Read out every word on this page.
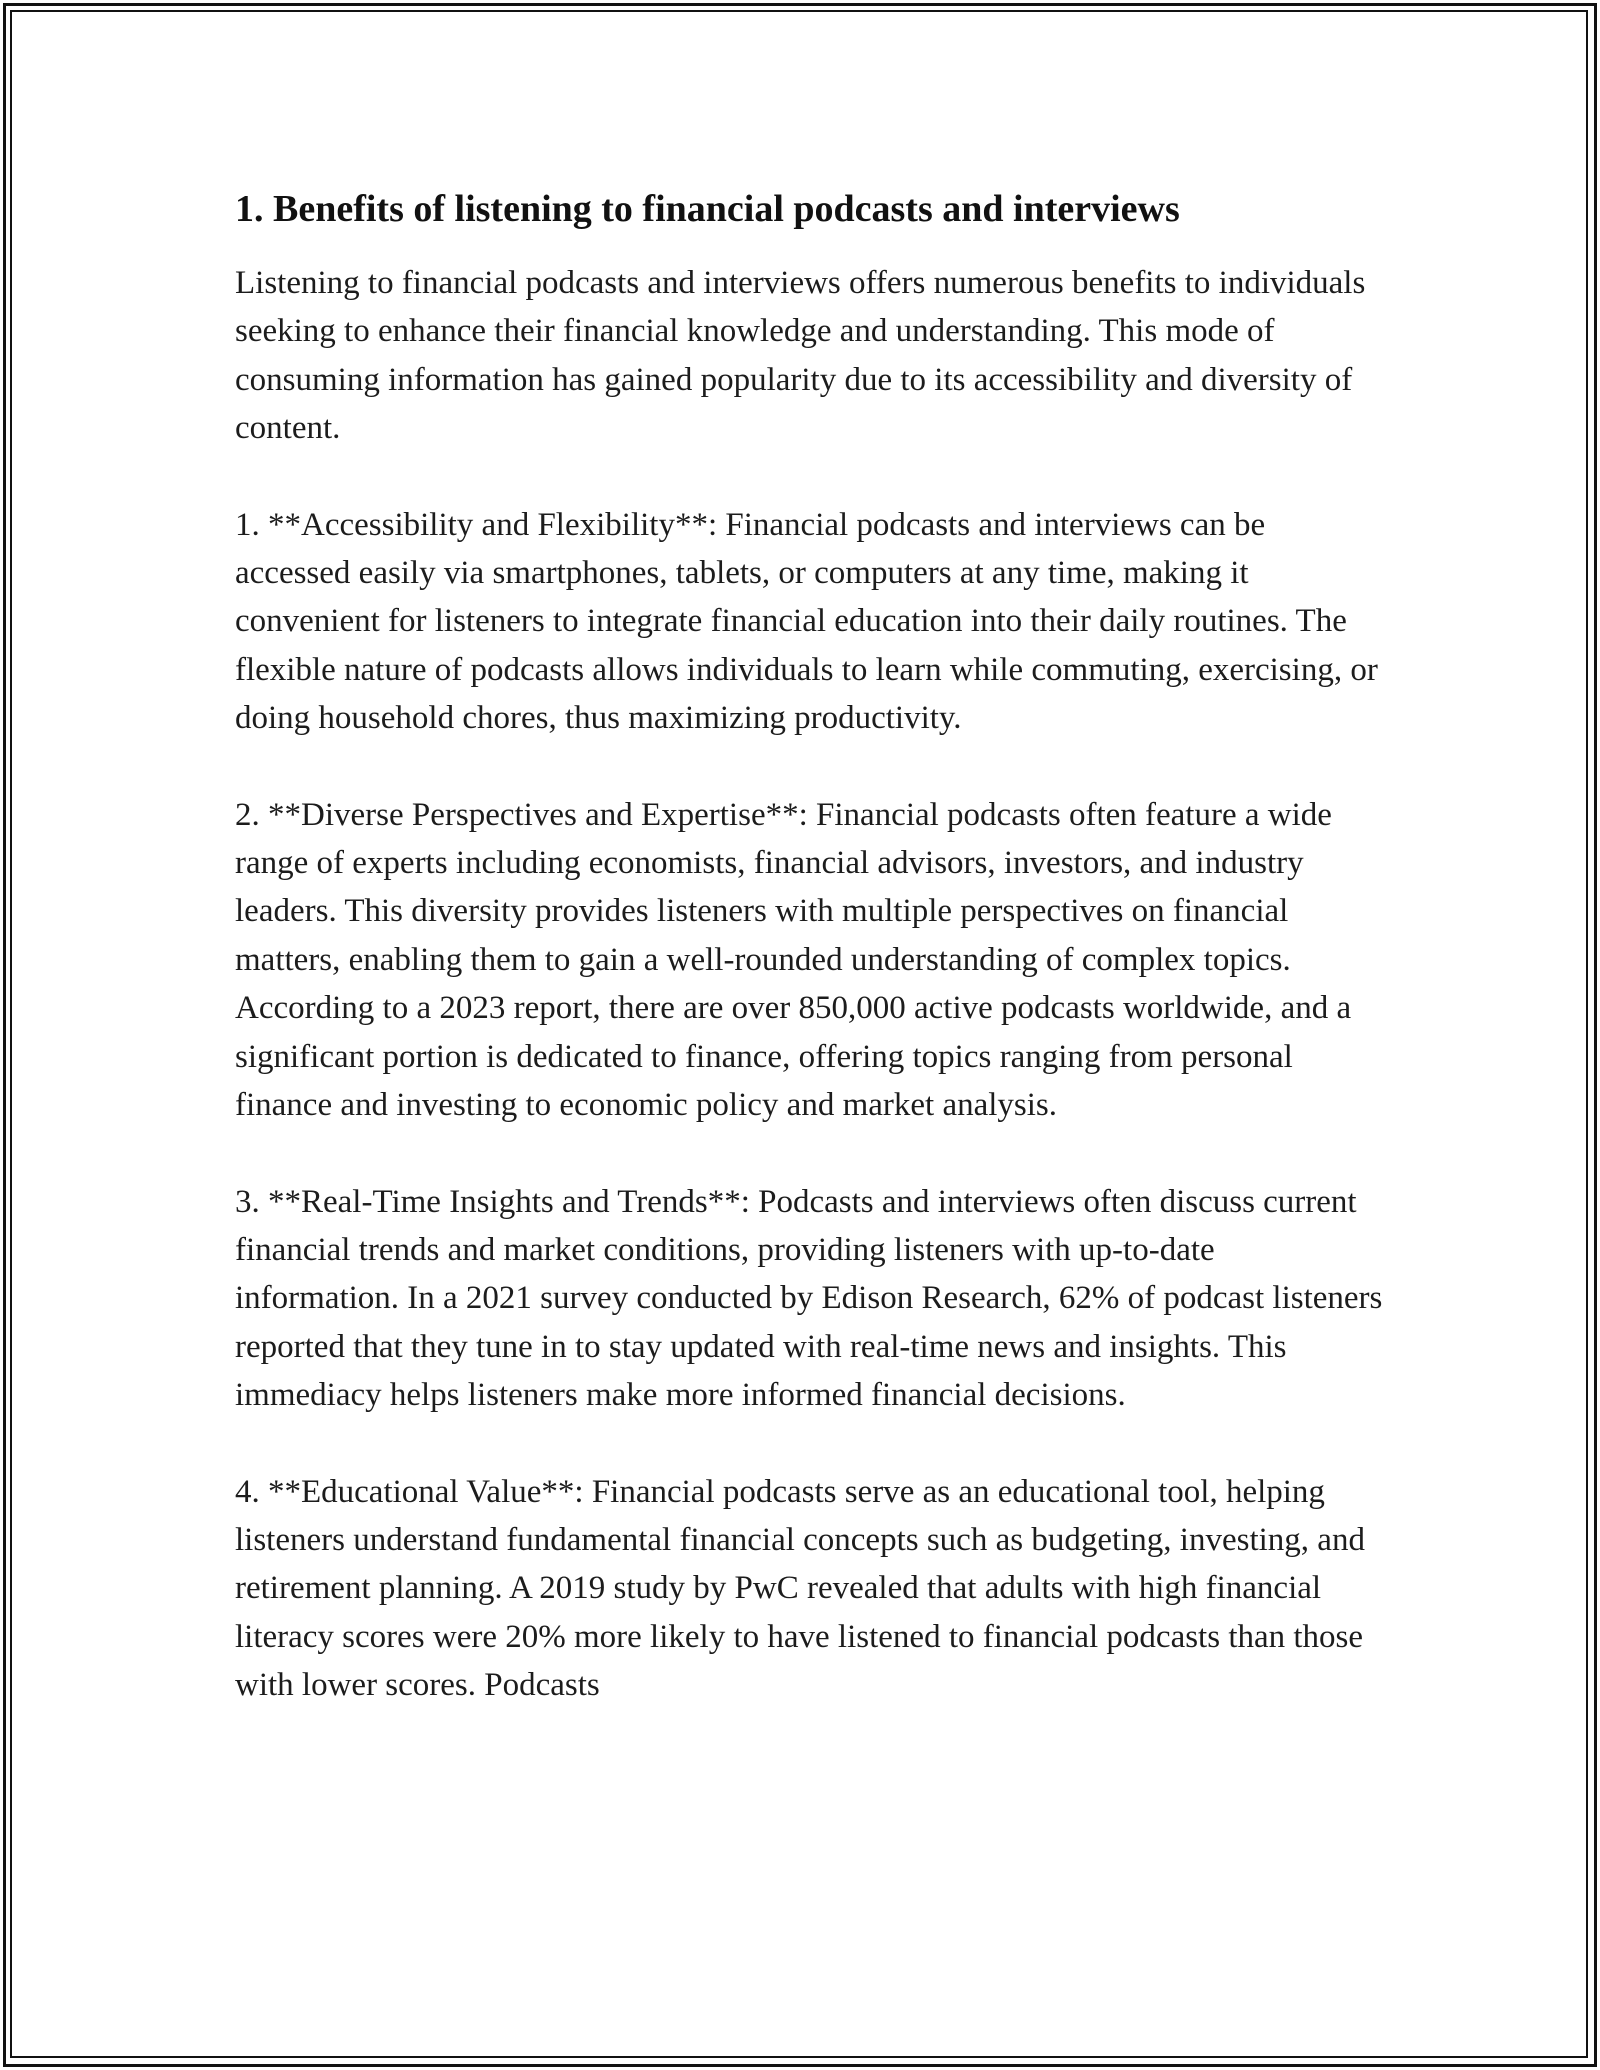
1. Benefits of listening to financial podcasts and interviews

Listening to financial podcasts and interviews offers numerous benefits to individuals seeking to enhance their financial knowledge and understanding. This mode of consuming information has gained popularity due to its accessibility and diversity of content.

1. **Accessibility and Flexibility**: Financial podcasts and interviews can be accessed easily via smartphones, tablets, or computers at any time, making it convenient for listeners to integrate financial education into their daily routines. The flexible nature of podcasts allows individuals to learn while commuting, exercising, or doing household chores, thus maximizing productivity.

2. **Diverse Perspectives and Expertise**: Financial podcasts often feature a wide range of experts including economists, financial advisors, investors, and industry leaders. This diversity provides listeners with multiple perspectives on financial matters, enabling them to gain a well-rounded understanding of complex topics. According to a 2023 report, there are over 850,000 active podcasts worldwide, and a significant portion is dedicated to finance, offering topics ranging from personal finance and investing to economic policy and market analysis.

3. **Real-Time Insights and Trends**: Podcasts and interviews often discuss current financial trends and market conditions, providing listeners with up-to-date information. In a 2021 survey conducted by Edison Research, 62% of podcast listeners reported that they tune in to stay updated with real-time news and insights. This immediacy helps listeners make more informed financial decisions.

4. **Educational Value**: Financial podcasts serve as an educational tool, helping listeners understand fundamental financial concepts such as budgeting, investing, and retirement planning. A 2019 study by PwC revealed that adults with high financial literacy scores were 20% more likely to have listened to financial podcasts than those with lower scores. Podcasts
